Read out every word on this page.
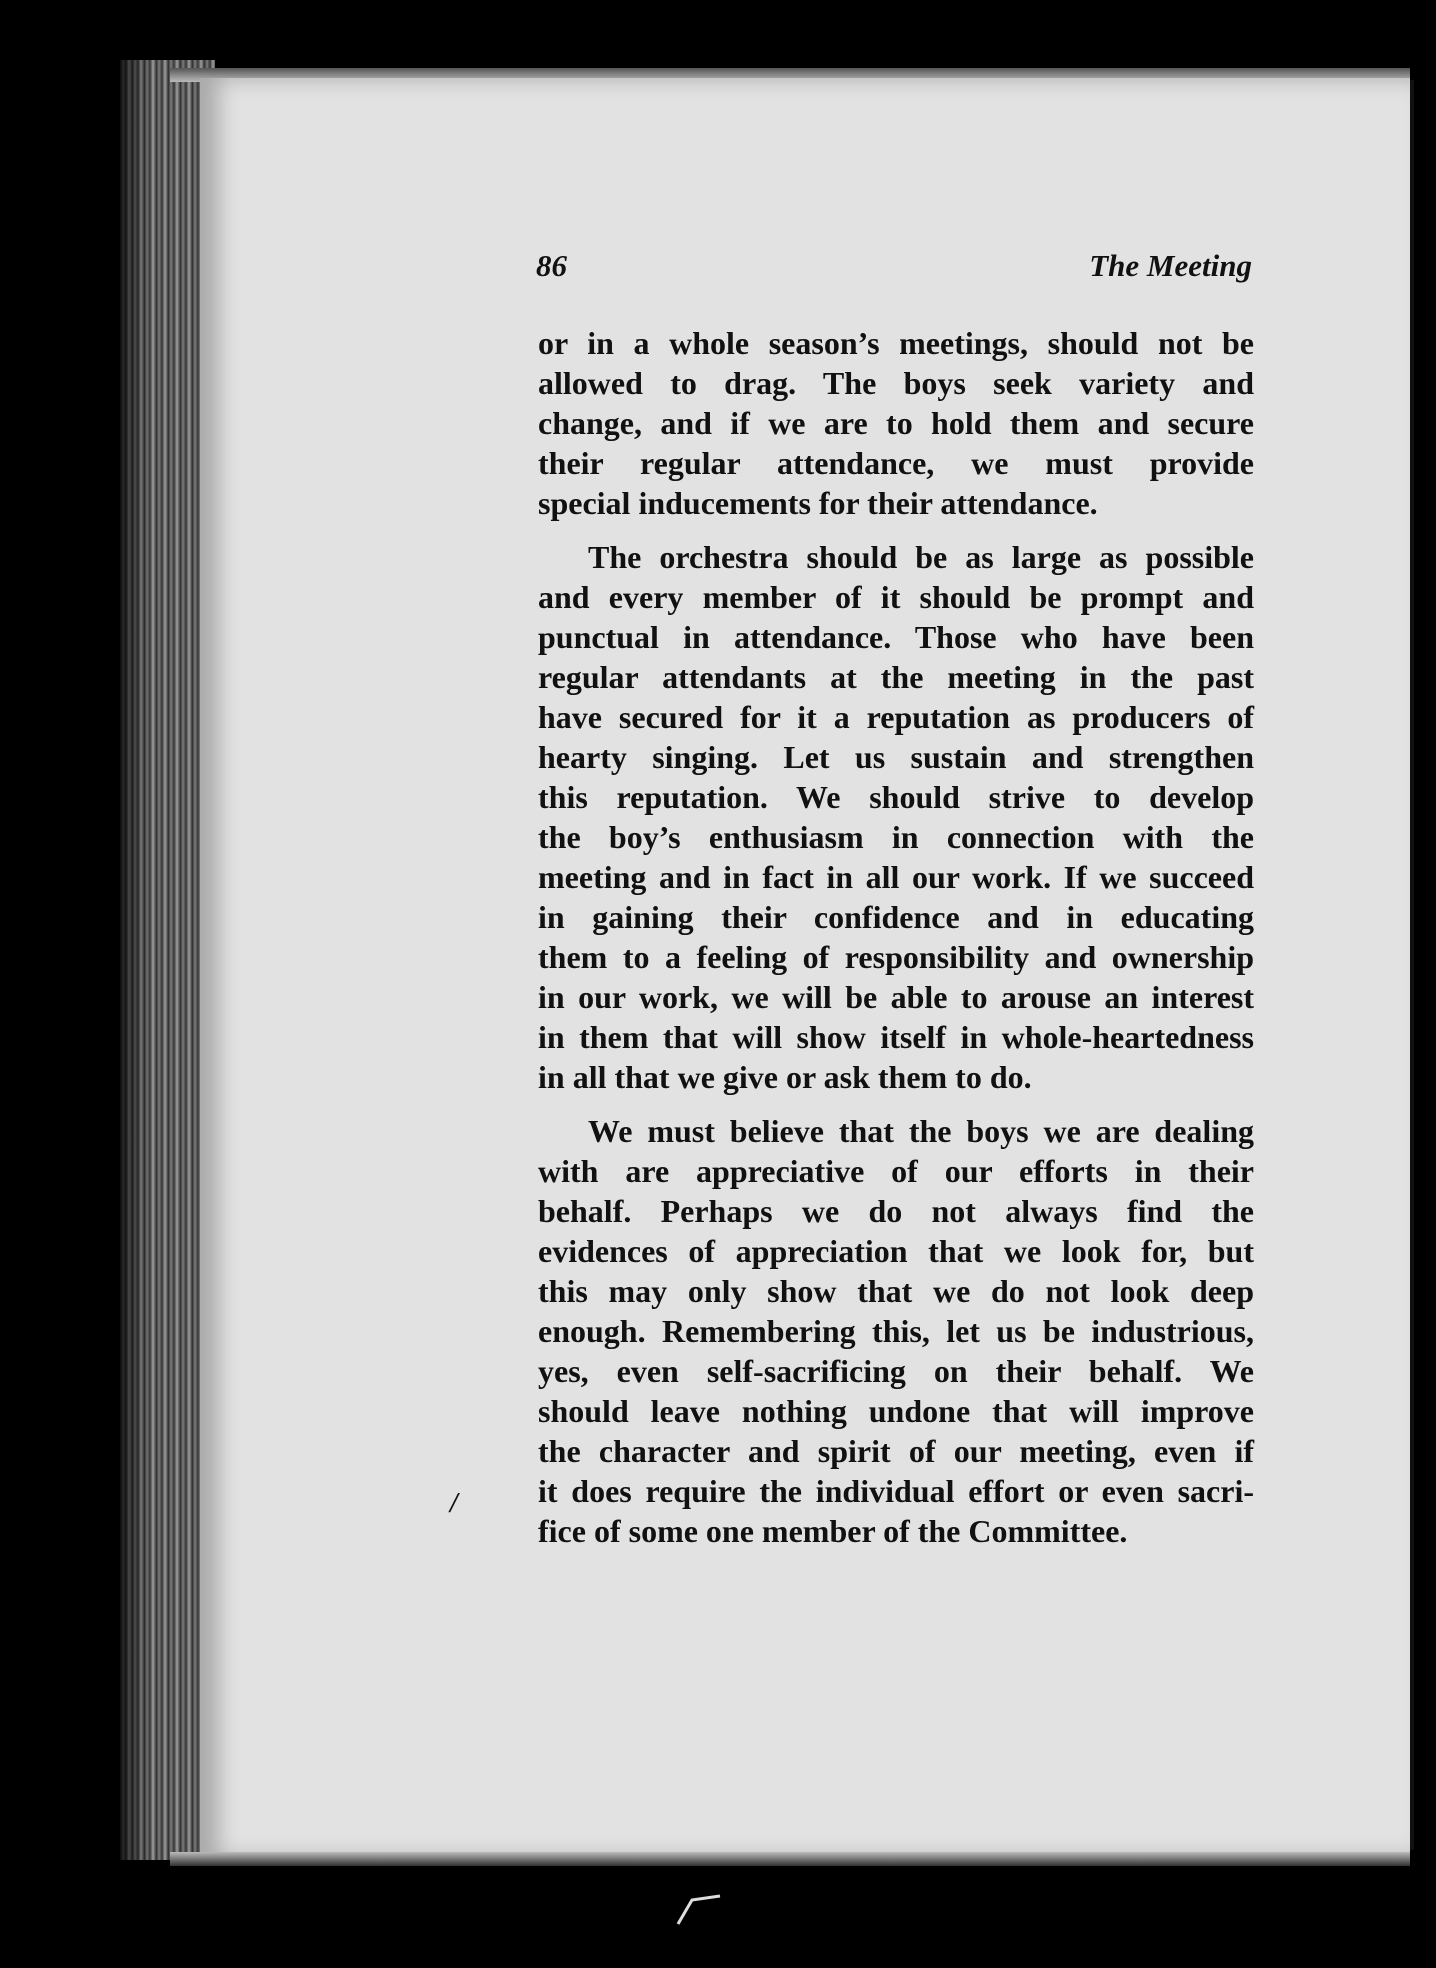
86	The Meeting
or in a whole season’s meetings, should not be
allowed to drag. The boys seek variety and
change, and if we are to hold them and secure
their regular attendance, we must provide
special inducements for their attendance.
The orchestra should be as large as possible
and every member of it should be prompt and
punctual in attendance. Those who have been
regular attendants at the meeting in the past
have secured for it a reputation as producers of
hearty singing. Let us sustain and strengthen
this reputation. We should strive to develop
the boy’s enthusiasm in connection with the
meeting and in fact in all our work. If we succeed
in gaining their confidence and in educating
them to a feeling of responsibility and ownership
in our work, we will be able to arouse an interest
in them that will show itself in whole-heartedness
in all that we give or ask them to do.
We must believe that the boys we are dealing
with are appreciative of our efforts in their
behalf. Perhaps we do not always find the
evidences of appreciation that we look for, but
this may only show that we do not look deep
enough. Remembering this, let us be industrious,
yes, even self-sacrificing on their behalf. We
should leave nothing undone that will improve
the character and spirit of our meeting, even if
it does require the individual effort or even sacri-
fice of some one member of the Committee.
/
